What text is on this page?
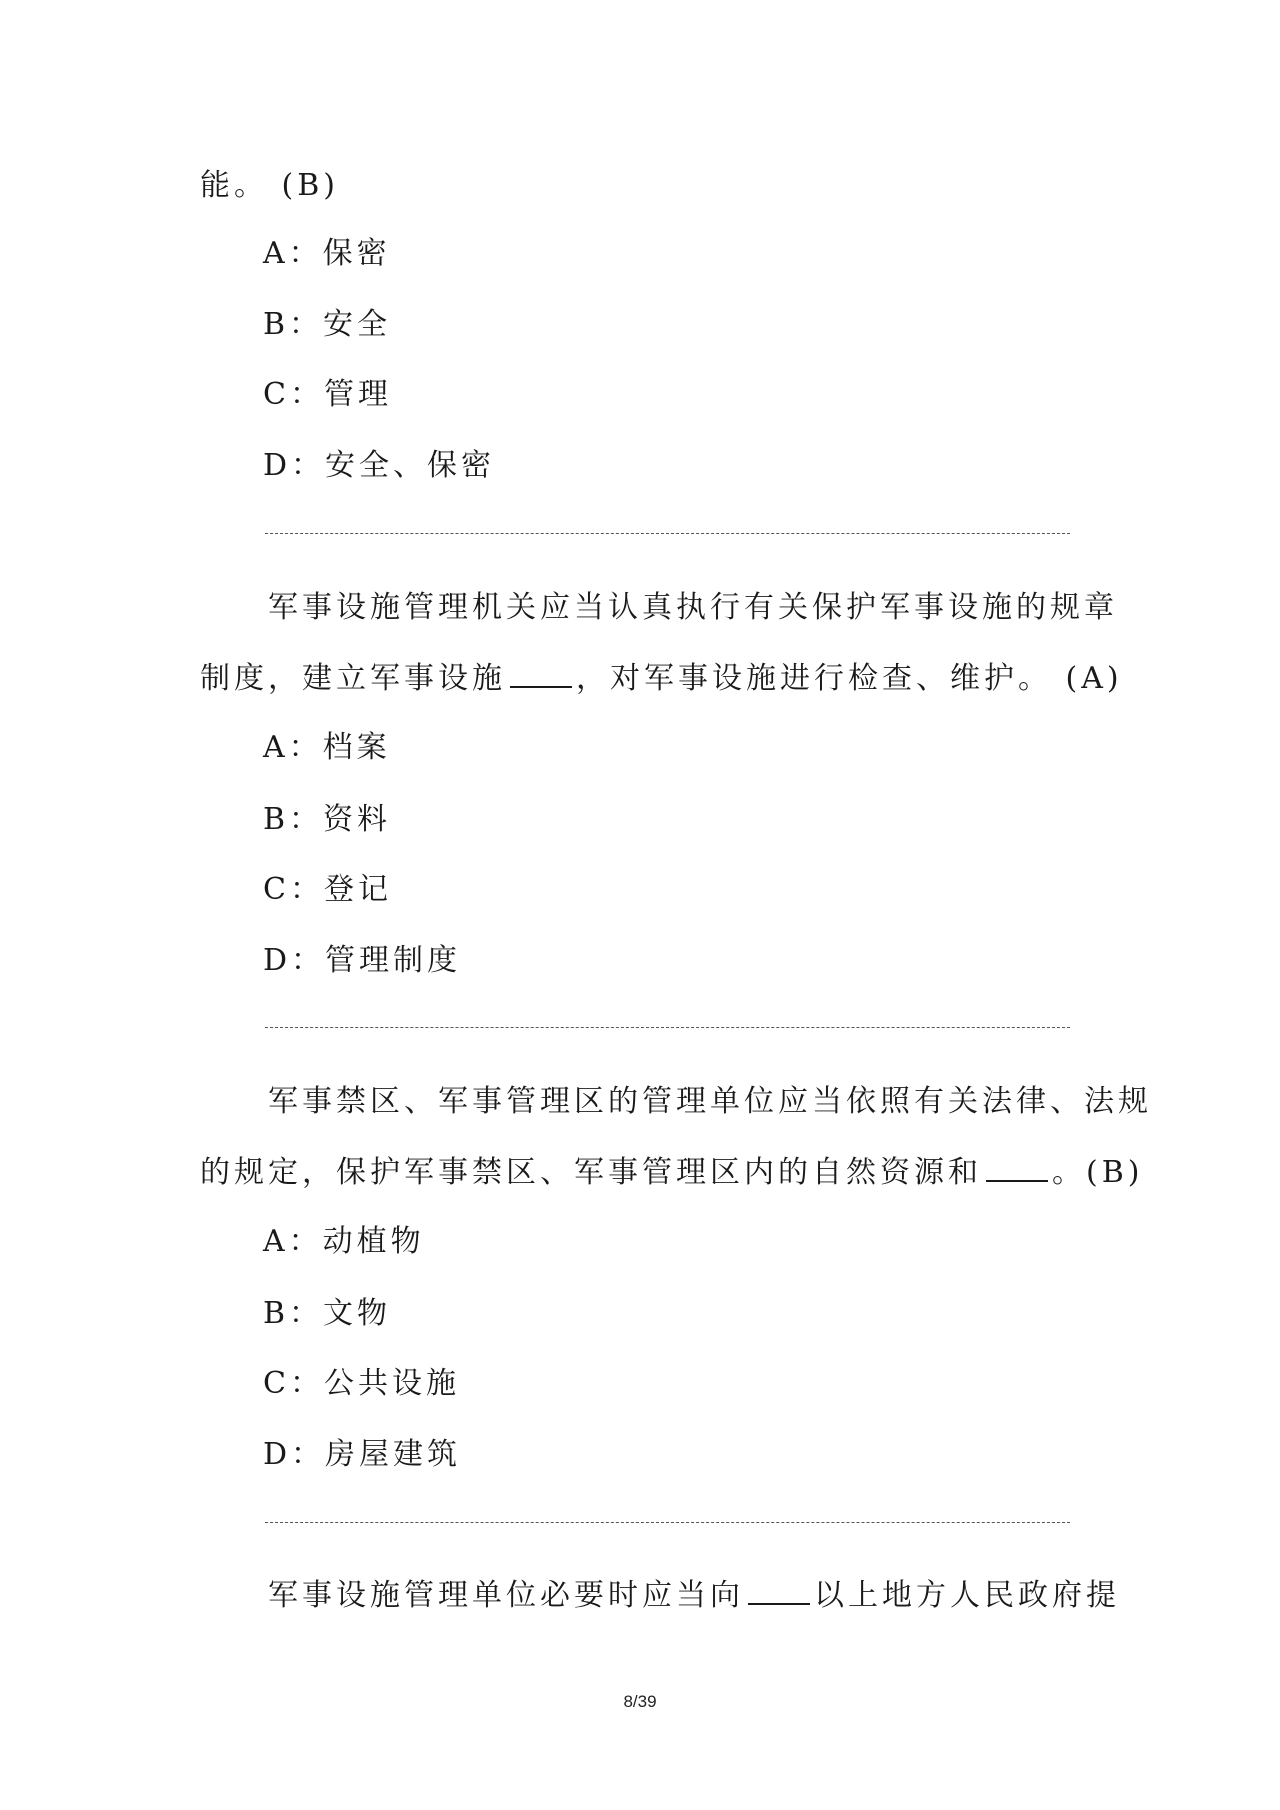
能。 (B)
A：保密
B：安全
C：管理
D：安全、保密
军事设施管理机关应当认真执行有关保护军事设施的规章
制度，建立军事设施 ，对军事设施进行检查、维护。 (A)
A：档案
B：资料
C：登记
D：管理制度
军事禁区、军事管理区的管理单位应当依照有关法律、法规
的规定，保护军事禁区、军事管理区内的自然资源和 。(B)
A：动植物
B：文物
C：公共设施
D：房屋建筑
军事设施管理单位必要时应当向 以上地方人民政府提
8/39
